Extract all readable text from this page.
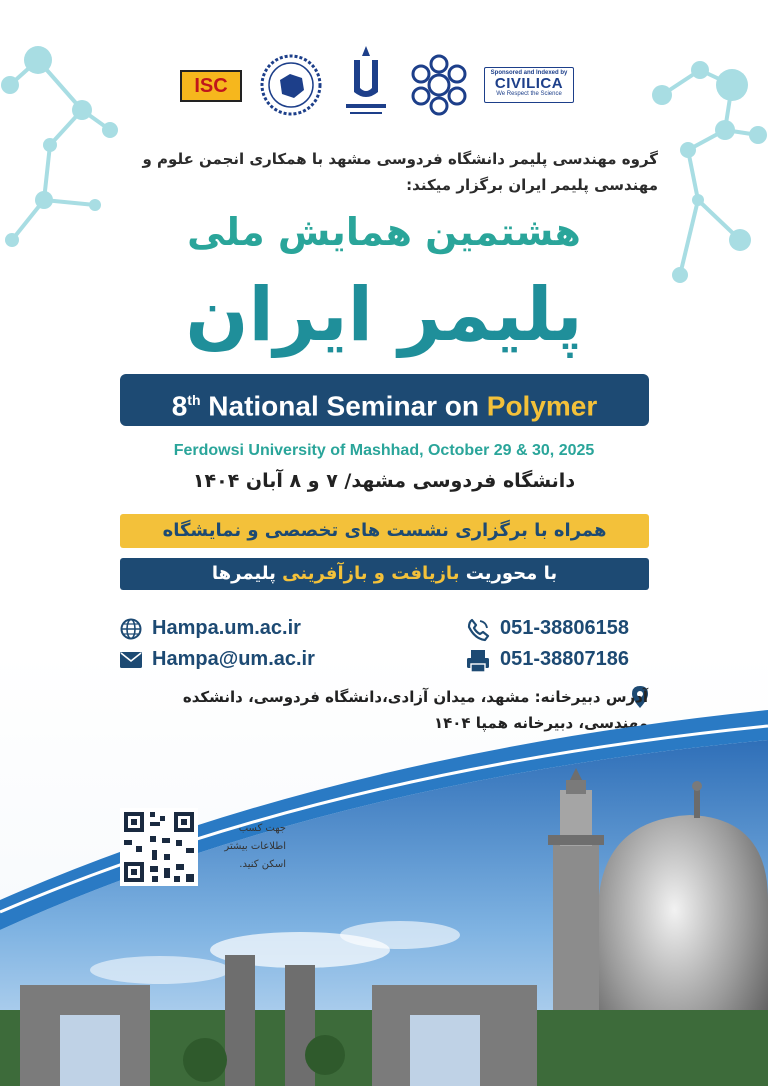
ISC
Sponsored and Indexed by
CIVILICA
We Respect the Science
گروه مهندسی پلیمر دانشگاه فردوسی مشهد با همکاری انجمن علوم و مهندسی پلیمر ایران برگزار میکند:
هشتمین همایش ملی
پلیمر ایران
8th National Seminar on Polymer
Ferdowsi University of Mashhad, October 29 & 30, 2025
دانشگاه فردوسی مشهد/ ۷ و ۸ آبان ۱۴۰۴
همراه با برگزاری نشست های تخصصی و نمایشگاه
با محوریت بازیافت و بازآفرینی پلیمرها
Hampa.um.ac.ir
Hampa@um.ac.ir
051-38806158
051-38807186
آدرس دبیرخانه: مشهد، میدان آزادی،دانشگاه فردوسی، دانشکده مهندسی، دبیرخانه همپا ۱۴۰۴
جهت کسب اطلاعات بیشتر اسکن کنید.
